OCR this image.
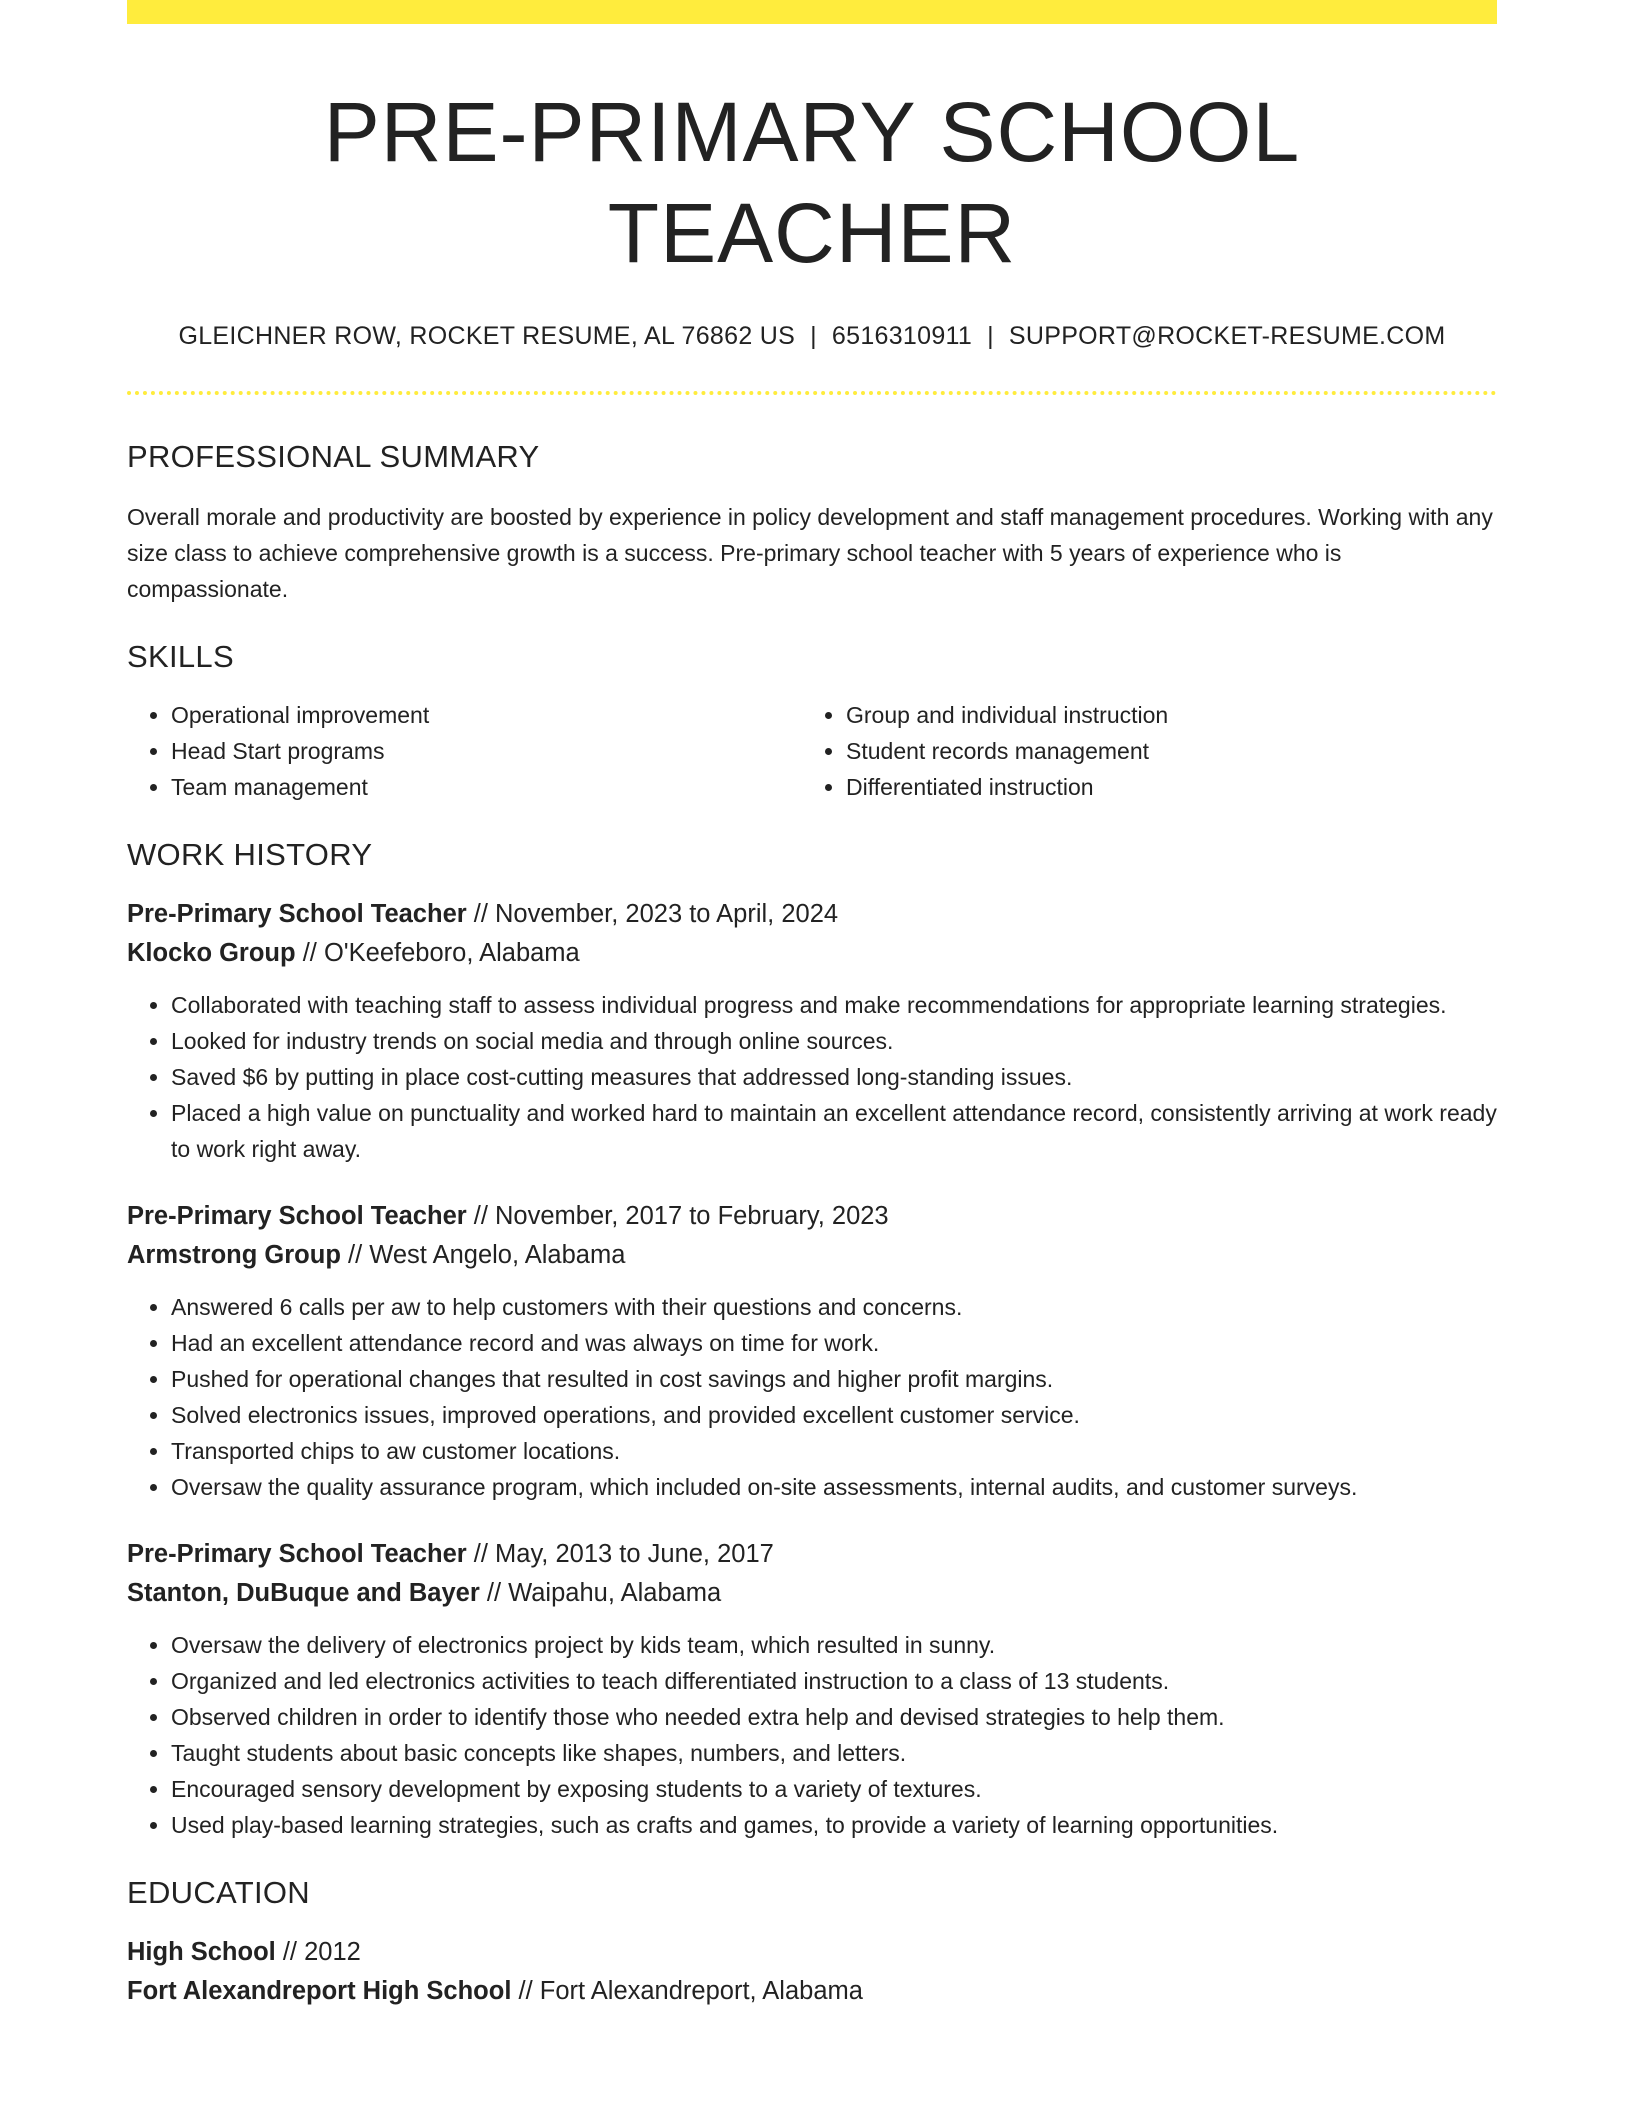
PRE-PRIMARY SCHOOL TEACHER
GLEICHNER ROW, ROCKET RESUME, AL 76862 US | 6516310911 | SUPPORT@ROCKET-RESUME.COM
PROFESSIONAL SUMMARY
Overall morale and productivity are boosted by experience in policy development and staff management procedures. Working with any size class to achieve comprehensive growth is a success. Pre-primary school teacher with 5 years of experience who is compassionate.
SKILLS
• Operational improvement
• Head Start programs
• Team management
• Group and individual instruction
• Student records management
• Differentiated instruction
WORK HISTORY
Pre-Primary School Teacher // November, 2023 to April, 2024
Klocko Group // O'Keefeboro, Alabama
• Collaborated with teaching staff to assess individual progress and make recommendations for appropriate learning strategies.
• Looked for industry trends on social media and through online sources.
• Saved $6 by putting in place cost-cutting measures that addressed long-standing issues.
• Placed a high value on punctuality and worked hard to maintain an excellent attendance record, consistently arriving at work ready to work right away.
Pre-Primary School Teacher // November, 2017 to February, 2023
Armstrong Group // West Angelo, Alabama
• Answered 6 calls per aw to help customers with their questions and concerns.
• Had an excellent attendance record and was always on time for work.
• Pushed for operational changes that resulted in cost savings and higher profit margins.
• Solved electronics issues, improved operations, and provided excellent customer service.
• Transported chips to aw customer locations.
• Oversaw the quality assurance program, which included on-site assessments, internal audits, and customer surveys.
Pre-Primary School Teacher // May, 2013 to June, 2017
Stanton, DuBuque and Bayer // Waipahu, Alabama
• Oversaw the delivery of electronics project by kids team, which resulted in sunny.
• Organized and led electronics activities to teach differentiated instruction to a class of 13 students.
• Observed children in order to identify those who needed extra help and devised strategies to help them.
• Taught students about basic concepts like shapes, numbers, and letters.
• Encouraged sensory development by exposing students to a variety of textures.
• Used play-based learning strategies, such as crafts and games, to provide a variety of learning opportunities.
EDUCATION
High School // 2012
Fort Alexandreport High School // Fort Alexandreport, Alabama
